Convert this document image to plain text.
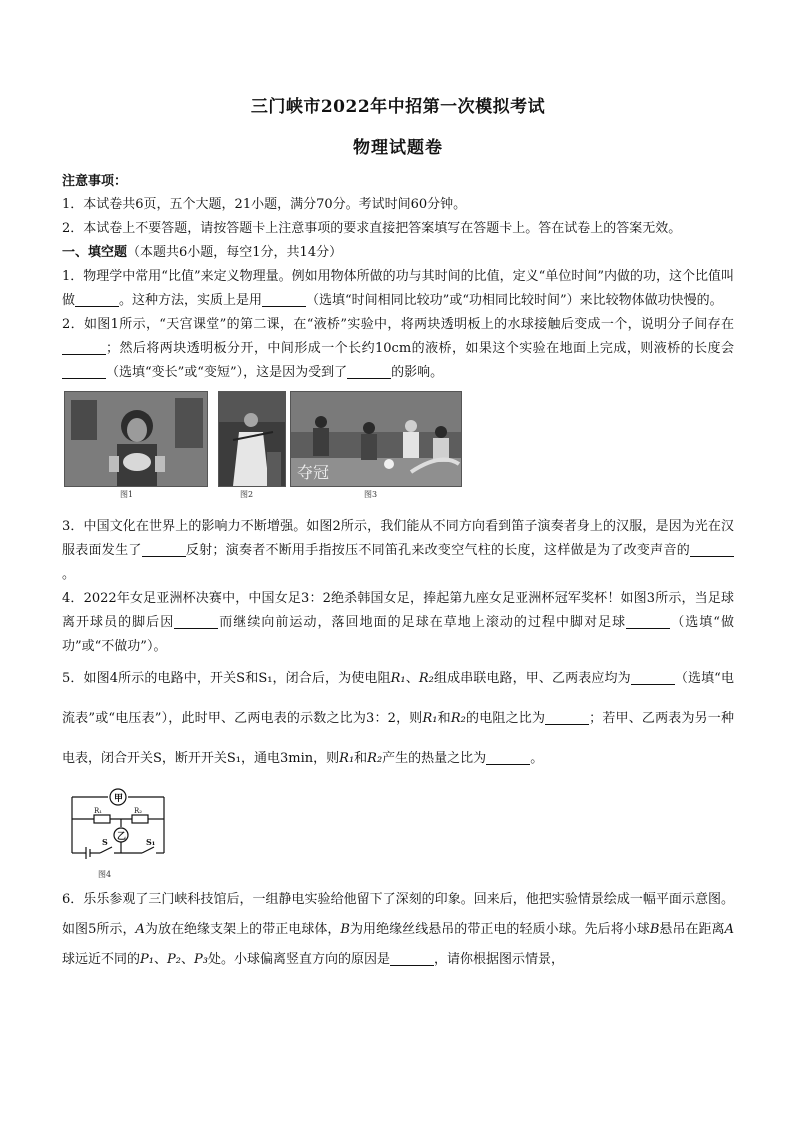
三门峡市2022年中招第一次模拟考试
物理试题卷
注意事项：

1．本试卷共6页，五个大题，21小题，满分70分。考试时间60分钟。

2．本试卷上不要答题，请按答题卡上注意事项的要求直接把答案填写在答题卡上。答在试卷上的答案无效。

一、填空题（本题共6小题，每空1分，共14分）

1．物理学中常用“比值”来定义物理量。例如用物体所做的功与其时间的比值，定义“单位时间”内做的功，这个比值叫做	。这种方法，实质上是用	（选填“时间相同比较功”或“功相同比较时间”）来比较物体做功快慢的。

2．如图1所示，“天宫课堂”的第二课，在“液桥”实验中，将两块透明板上的水球接触后变成一个，说明分子间存在；然后将两块透明板分开，中间形成一个长约10cm的液桥，如果这个实验在地面上完成，则液桥的长度会（选填“变长”或“变短”），这是因为受到了	的影响。

图1	图2
夺冠
图3

3．中国文化在世界上的影响力不断增强。如图2所示，我们能从不同方向看到笛子演奏者身上的汉服，是因为光在汉服表面发生了	反射；演奏者不断用手指按压不同笛孔来改变空气柱的长度，这样做是为了改变声音的。

4．2022年女足亚洲杯决赛中，中国女足3：2绝杀韩国女足，捧起第九座女足亚洲杯冠军奖杯！如图3所示，当足球离开球员的脚后因	而继续向前运动，落回地面的足球在草地上滚动的过程中脚对足球	（选填“做功”或“不做功”）。

5．如图4所示的电路中，开关S和S₁，闭合后，为使电阻R₁、R₂组成串联电路，甲、乙两表应均为	（选填“电流表”或“电压表”），此时甲、乙两电表的示数之比为3：2，则R₁和R₂的电阻之比为	；若甲、乙两表为另一种电表，闭合开关S，断开开关S₁，通电3min，则R₁和R₂产生的热量之比为	。

甲
乙
R₁	R₂
S	S₁
图4

6．乐乐参观了三门峡科技馆后，一组静电实验给他留下了深刻的印象。回来后，他把实验情景绘成一幅平面示意图。如图5所示，A为放在绝缘支架上的带正电球体，B为用绝缘丝线悬吊的带正电的轻质小球。先后将小球B悬吊在距离A球远近不同的P₁、P₂、P₃处。小球偏离竖直方向的原因是	，请你根据图示情景，
